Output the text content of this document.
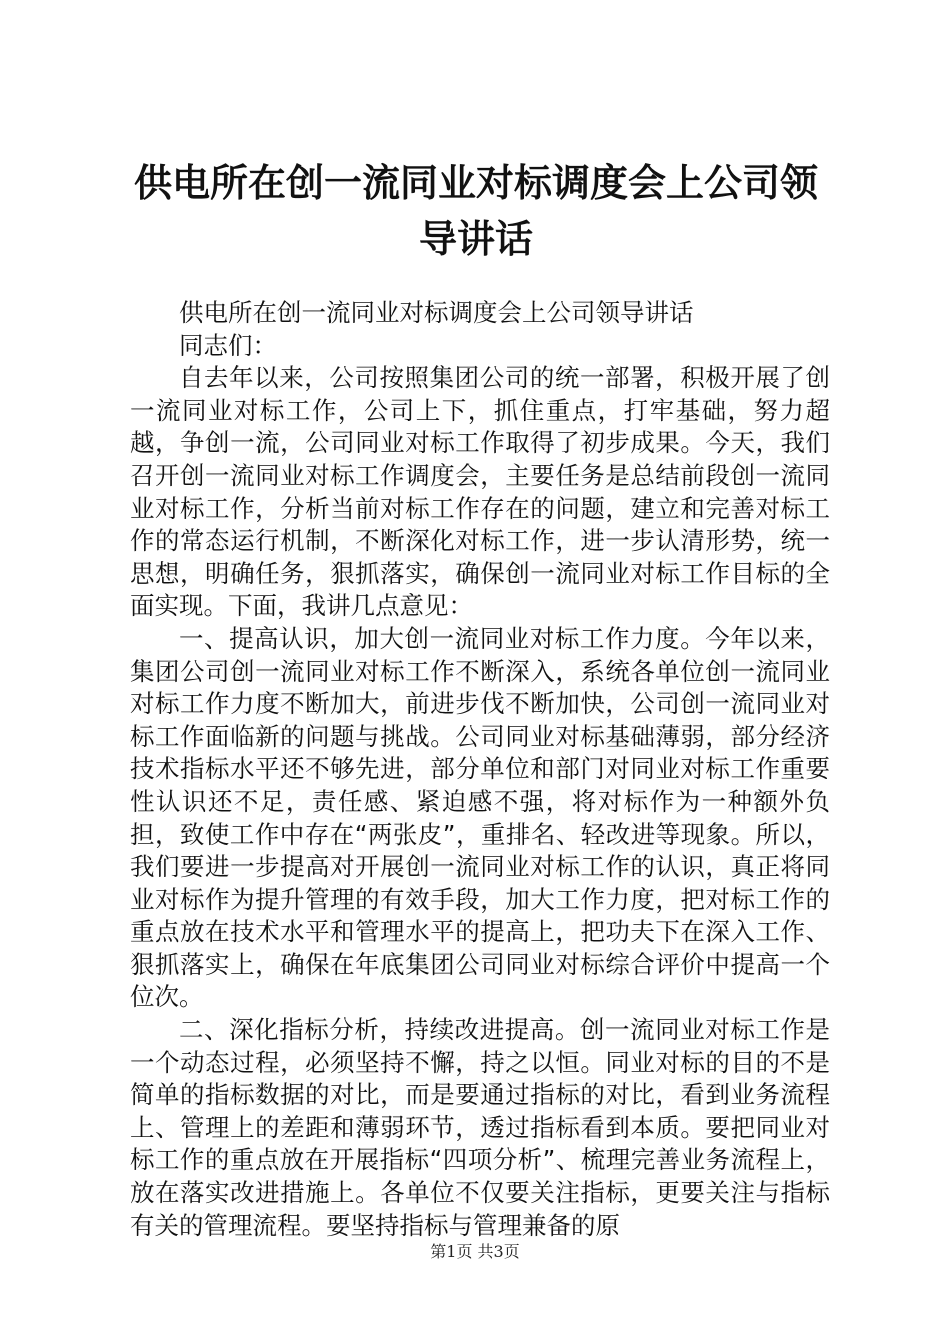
供电所在创一流同业对标调度会上公司领导讲话

供电所在创一流同业对标调度会上公司领导讲话

同志们：

自去年以来，公司按照集团公司的统一部署，积极开展了创一流同业对标工作，公司上下，抓住重点，打牢基础，努力超越，争创一流，公司同业对标工作取得了初步成果。今天，我们召开创一流同业对标工作调度会，主要任务是总结前段创一流同业对标工作，分析当前对标工作存在的问题，建立和完善对标工作的常态运行机制，不断深化对标工作，进一步认清形势，统一思想，明确任务，狠抓落实，确保创一流同业对标工作目标的全面实现。下面，我讲几点意见：

一、提高认识，加大创一流同业对标工作力度。今年以来，集团公司创一流同业对标工作不断深入，系统各单位创一流同业对标工作力度不断加大，前进步伐不断加快，公司创一流同业对标工作面临新的问题与挑战。公司同业对标基础薄弱，部分经济技术指标水平还不够先进，部分单位和部门对同业对标工作重要性认识还不足，责任感、紧迫感不强，将对标作为一种额外负担，致使工作中存在“两张皮”，重排名、轻改进等现象。所以，我们要进一步提高对开展创一流同业对标工作的认识，真正将同业对标作为提升管理的有效手段，加大工作力度，把对标工作的重点放在技术水平和管理水平的提高上，把功夫下在深入工作、狠抓落实上，确保在年底集团公司同业对标综合评价中提高一个位次。

二、深化指标分析，持续改进提高。创一流同业对标工作是一个动态过程，必须坚持不懈，持之以恒。同业对标的目的不是简单的指标数据的对比，而是要通过指标的对比，看到业务流程上、管理上的差距和薄弱环节，透过指标看到本质。要把同业对标工作的重点放在开展指标“四项分析”、梳理完善业务流程上，放在落实改进措施上。各单位不仅要关注指标，更要关注与指标有关的管理流程。要坚持指标与管理兼备的原

第1页 共3页
